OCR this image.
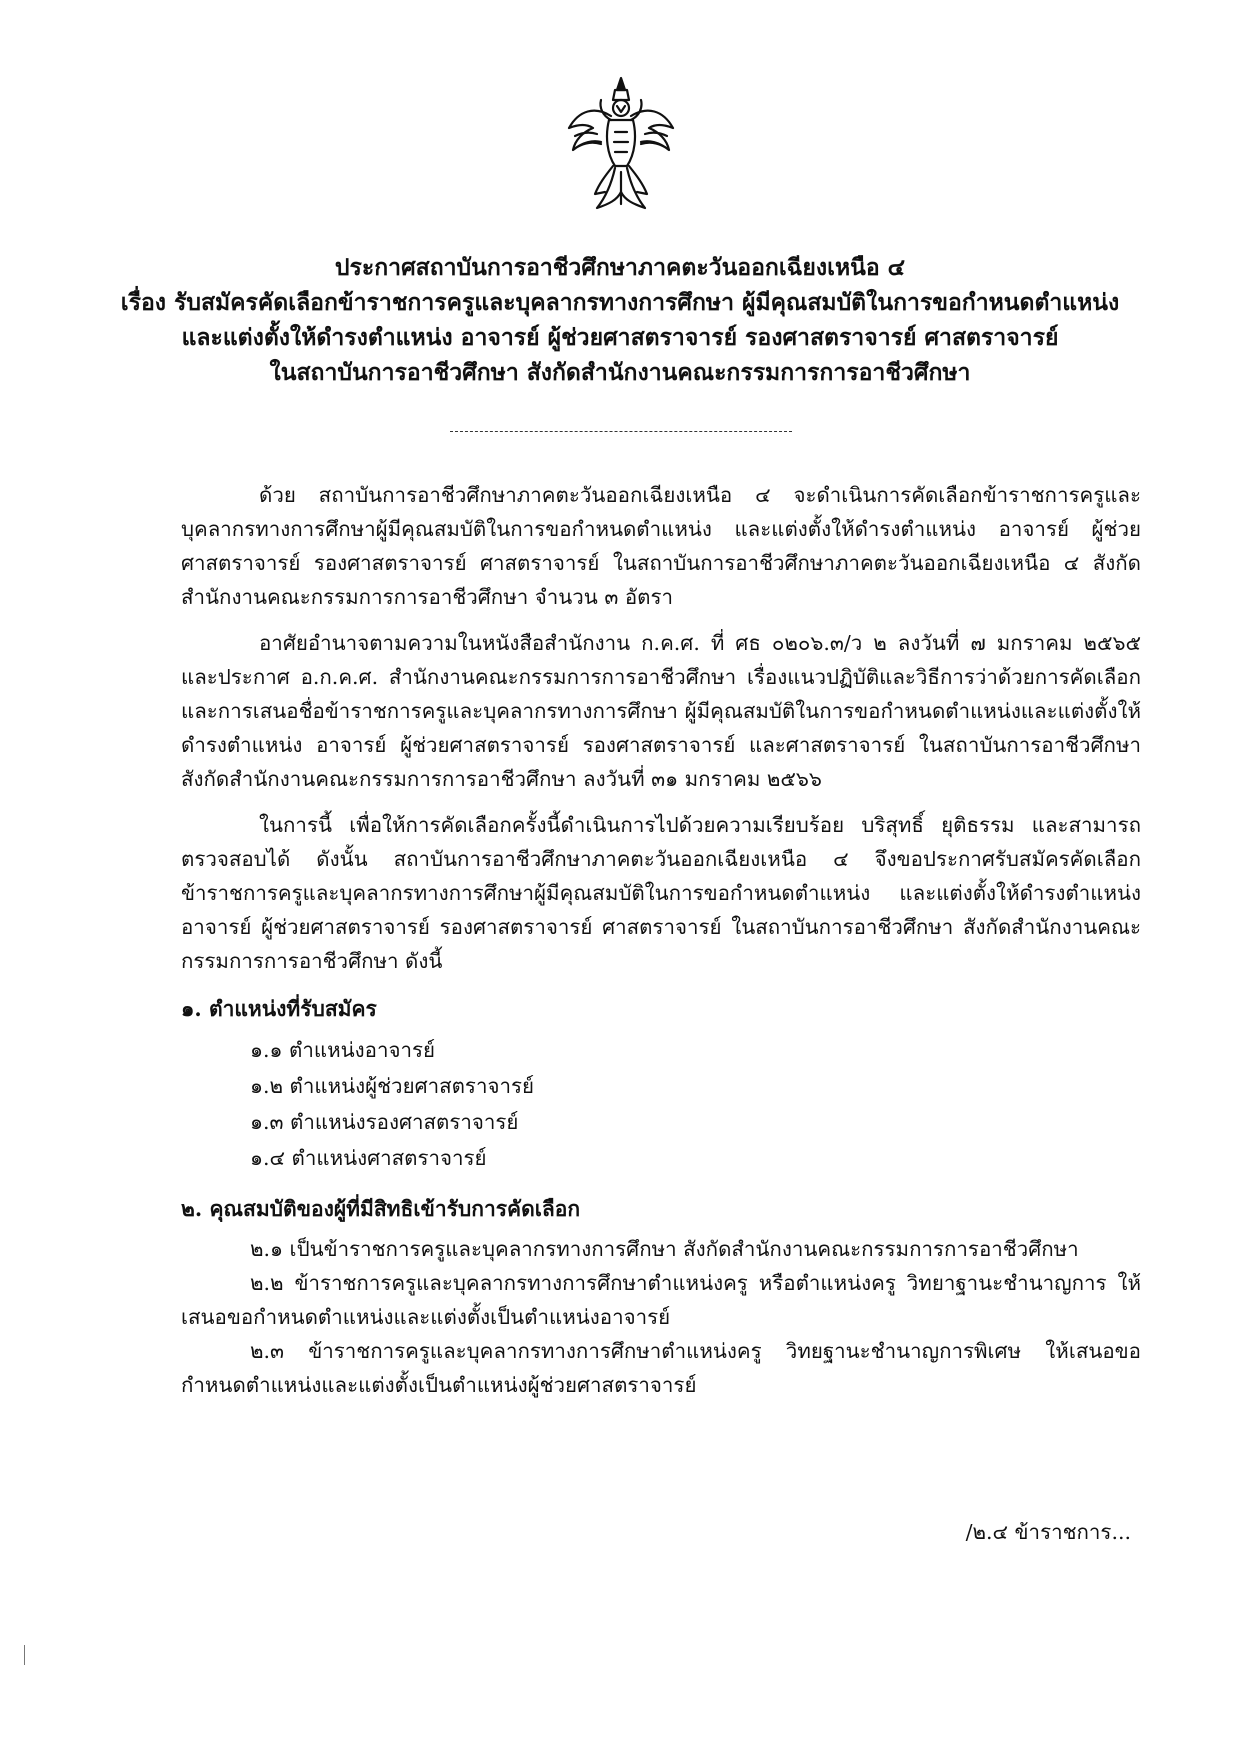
ประกาศสถาบันการอาชีวศึกษาภาคตะวันออกเฉียงเหนือ ๔
เรื่อง รับสมัครคัดเลือกข้าราชการครูและบุคลากรทางการศึกษา ผู้มีคุณสมบัติในการขอกำหนดตำแหน่ง
และแต่งตั้งให้ดำรงตำแหน่ง อาจารย์ ผู้ช่วยศาสตราจารย์ รองศาสตราจารย์ ศาสตราจารย์
ในสถาบันการอาชีวศึกษา สังกัดสำนักงานคณะกรรมการการอาชีวศึกษา

ด้วย สถาบันการอาชีวศึกษาภาคตะวันออกเฉียงเหนือ ๔ จะดำเนินการคัดเลือกข้าราชการครูและบุคลากรทางการศึกษาผู้มีคุณสมบัติในการขอกำหนดตำแหน่ง และแต่งตั้งให้ดำรงตำแหน่ง อาจารย์ ผู้ช่วยศาสตราจารย์ รองศาสตราจารย์ ศาสตราจารย์ ในสถาบันการอาชีวศึกษาภาคตะวันออกเฉียงเหนือ ๔ สังกัดสำนักงานคณะกรรมการการอาชีวศึกษา จำนวน ๓ อัตรา

อาศัยอำนาจตามความในหนังสือสำนักงาน ก.ค.ศ. ที่ ศธ ๐๒๐๖.๓/ว ๒ ลงวันที่ ๗ มกราคม ๒๕๖๕ และประกาศ อ.ก.ค.ศ. สำนักงานคณะกรรมการการอาชีวศึกษา เรื่องแนวปฏิบัติและวิธีการว่าด้วยการคัดเลือกและการเสนอชื่อข้าราชการครูและบุคลากรทางการศึกษา ผู้มีคุณสมบัติในการขอกำหนดตำแหน่งและแต่งตั้งให้ดำรงตำแหน่ง อาจารย์ ผู้ช่วยศาสตราจารย์ รองศาสตราจารย์ และศาสตราจารย์ ในสถาบันการอาชีวศึกษา สังกัดสำนักงานคณะกรรมการการอาชีวศึกษา ลงวันที่ ๓๑ มกราคม ๒๕๖๖

ในการนี้ เพื่อให้การคัดเลือกครั้งนี้ดำเนินการไปด้วยความเรียบร้อย บริสุทธิ์ ยุติธรรม และสามารถตรวจสอบได้ ดังนั้น สถาบันการอาชีวศึกษาภาคตะวันออกเฉียงเหนือ ๔ จึงขอประกาศรับสมัครคัดเลือกข้าราชการครูและบุคลากรทางการศึกษาผู้มีคุณสมบัติในการขอกำหนดตำแหน่ง และแต่งตั้งให้ดำรงตำแหน่ง อาจารย์ ผู้ช่วยศาสตราจารย์ รองศาสตราจารย์ ศาสตราจารย์ ในสถาบันการอาชีวศึกษา สังกัดสำนักงานคณะกรรมการการอาชีวศึกษา ดังนี้

๑. ตำแหน่งที่รับสมัคร

๑.๑ ตำแหน่งอาจารย์

๑.๒ ตำแหน่งผู้ช่วยศาสตราจารย์

๑.๓ ตำแหน่งรองศาสตราจารย์

๑.๔ ตำแหน่งศาสตราจารย์

๒. คุณสมบัติของผู้ที่มีสิทธิเข้ารับการคัดเลือก

๒.๑ เป็นข้าราชการครูและบุคลากรทางการศึกษา สังกัดสำนักงานคณะกรรมการการอาชีวศึกษา

๒.๒ ข้าราชการครูและบุคลากรทางการศึกษาตำแหน่งครู หรือตำแหน่งครู วิทยาฐานะชำนาญการ ให้เสนอขอกำหนดตำแหน่งและแต่งตั้งเป็นตำแหน่งอาจารย์

๒.๓ ข้าราชการครูและบุคลากรทางการศึกษาตำแหน่งครู วิทยฐานะชำนาญการพิเศษ ให้เสนอขอกำหนดตำแหน่งและแต่งตั้งเป็นตำแหน่งผู้ช่วยศาสตราจารย์

/๒.๔ ข้าราชการ...
